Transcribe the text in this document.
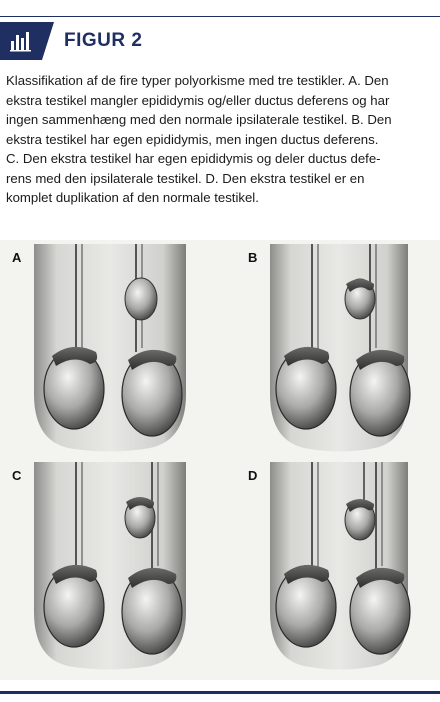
FIGUR 2
Klassifikation af de fire typer polyorkisme med tre testikler. A. Den
ekstra testikel mangler epididymis og/eller ductus deferens og har
ingen sammenhæng med den normale ipsilaterale testikel. B. Den
ekstra testikel har egen epididymis, men ingen ductus deferens.
C. Den ekstra testikel har egen epididymis og deler ductus defe-
rens med den ipsilaterale testikel. D. Den ekstra testikel er en
komplet duplikation af den normale testikel.
A	B
C	D
